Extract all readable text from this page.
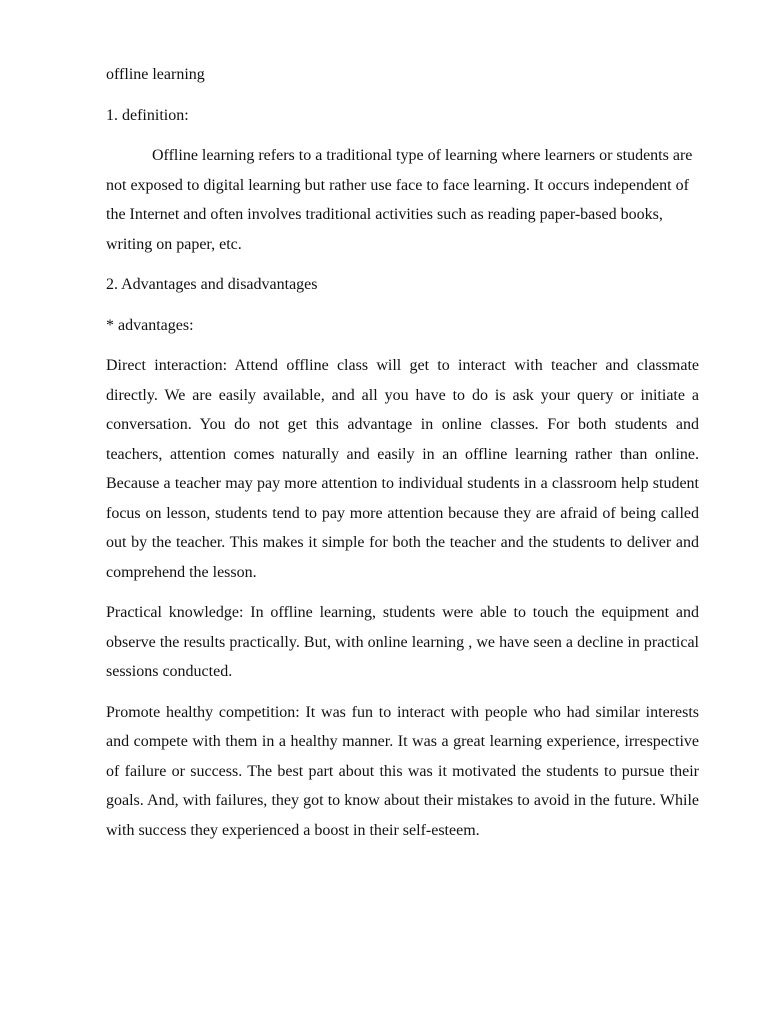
offline learning

1. definition:

Offline learning refers to a traditional type of learning where learners or students are not exposed to digital learning but rather use face to face learning. It occurs independent of the Internet and often involves traditional activities such as reading paper-based books, writing on paper, etc.

2. Advantages and disadvantages

* advantages:

Direct interaction: Attend offline class will get to interact with teacher and classmate directly. We are easily available, and all you have to do is ask your query or initiate a conversation. You do not get this advantage in online classes. For both students and teachers, attention comes naturally and easily in an offline learning rather than online. Because a teacher may pay more attention to individual students in a classroom help student focus on lesson, students tend to pay more attention because they are afraid of being called out by the teacher. This makes it simple for both the teacher and the students to deliver and comprehend the lesson.

Practical knowledge: In offline learning, students were able to touch the equipment and observe the results practically. But, with online learning , we have seen a decline in practical sessions conducted.

Promote healthy competition: It was fun to interact with people who had similar interests and compete with them in a healthy manner. It was a great learning experience, irrespective of failure or success. The best part about this was it motivated the students to pursue their goals. And, with failures, they got to know about their mistakes to avoid in the future. While with success they experienced a boost in their self-esteem.
